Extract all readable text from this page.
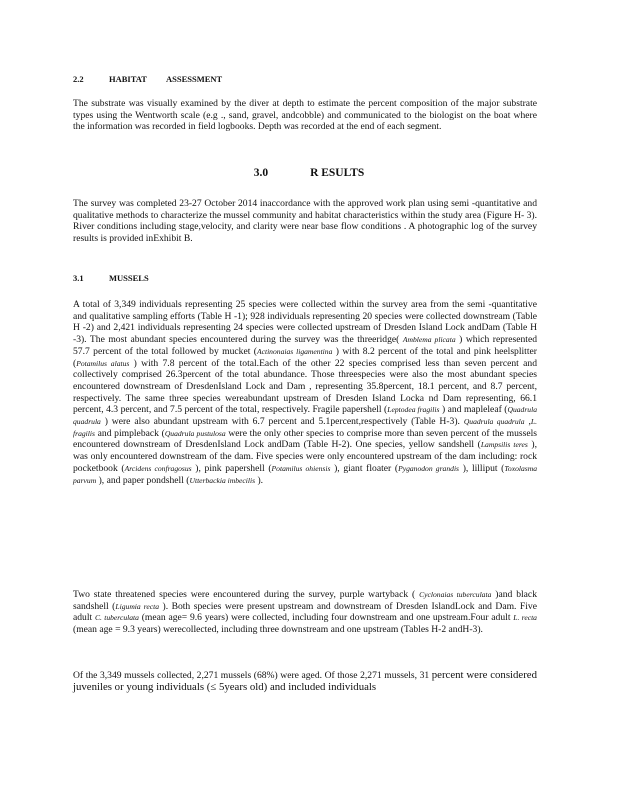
2.2	HABITAT ASSESSMENT

The substrate was visually examined by the diver at depth to estimate the percent composition of the major substrate types using the Wentworth scale (e.g ., sand, gravel, andcobble) and communicated to the biologist on the boat where the information was recorded in field logbooks. Depth was recorded at the end of each segment.

3.0	R ESULTS

The survey was completed 23-27 October 2014 inaccordance with the approved work plan using semi -quantitative and qualitative methods to characterize the mussel community and habitat characteristics within the study area (Figure H- 3). River conditions including stage,velocity, and clarity were near base flow conditions . A photographic log of the survey results is provided inExhibit B.

3.1	MUSSELS

A total of 3,349 individuals representing 25 species were collected within the survey area from the semi -quantitative and qualitative sampling efforts (Table H -1); 928 individuals representing 20 species were collected downstream (Table H -2) and 2,421 individuals representing 24 species were collected upstream of Dresden Island Lock andDam (Table H -3). The most abundant species encountered during the survey was the threeridge( Amblema plicata ) which represented 57.7 percent of the total followed by mucket (Actinonaias ligamentina ) with 8.2 percent of the total and pink heelsplitter (Potamilus alatus ) with 7.8 percent of the total.Each of the other 22 species comprised less than seven percent and collectively comprised 26.3percent of the total abundance. Those threespecies were also the most abundant species encountered downstream of DresdenIsland Lock and Dam , representing 35.8percent, 18.1 percent, and 8.7 percent, respectively. The same three species wereabundant upstream of Dresden Island Locka nd Dam representing, 66.1 percent, 4.3 percent, and 7.5 percent of the total, respectively. Fragile papershell (Leptodea fragilis ) and mapleleaf (Quadrula quadrula ) were also abundant upstream with 6.7 percent and 5.1percent,respectively (Table H-3). Quadrula quadrula ,L. fragilis and pimpleback (Quadrula pustulosa were the only other species to comprise more than seven percent of the mussels encountered downstream of DresdenIsland Lock andDam (Table H-2). One species, yellow sandshell (Lampsilis teres ), was only encountered downstream of the dam. Five species were only encountered upstream of the dam including: rock pocketbook (Arcidens confragosus ), pink papershell (Potamilus ohiensis ), giant floater (Pyganodon grandis ), lilliput (Toxolasma parvum ), and paper pondshell (Utterbackia imbecilis ).

Two state threatened species were encountered during the survey, purple wartyback ( Cyclonaias tuberculata )and black sandshell (Ligumia recta ). Both species were present upstream and downstream of Dresden IslandLock and Dam. Five adult C. tuberculata (mean age= 9.6 years) were collected, including four downstream and one upstream.Four adult L. recta (mean age = 9.3 years) werecollected, including three downstream and one upstream (Tables H-2 andH-3).

Of the 3,349 mussels collected, 2,271 mussels (68%) were aged. Of those 2,271 mussels, 31 percent were considered juveniles or young individuals (≤ 5years old) and included individuals
